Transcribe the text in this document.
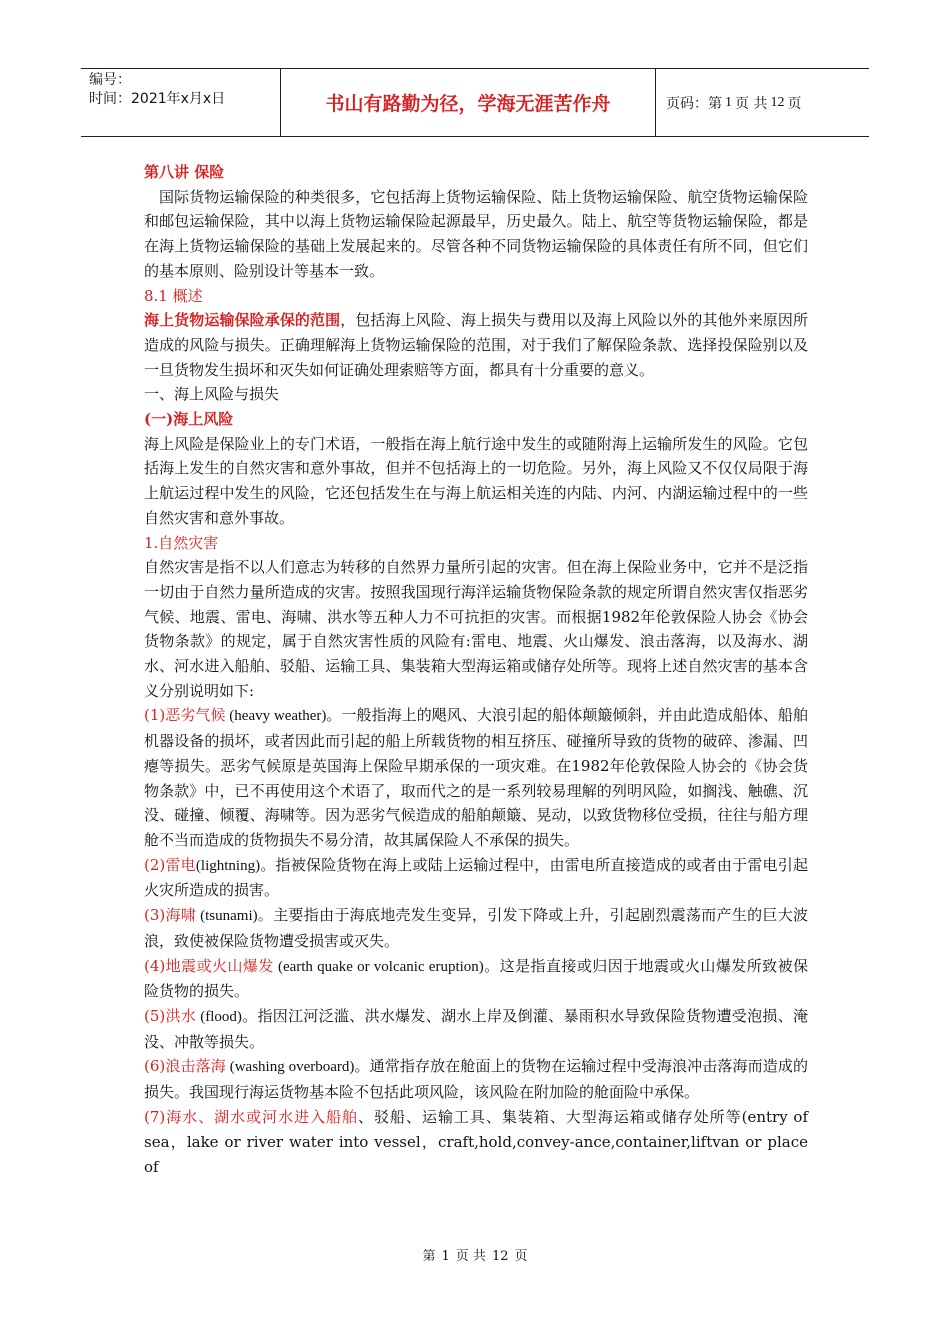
编号：
时间：2021年x月x日	书山有路勤为径，学海无涯苦作舟	页码：第 1 页 共 12 页

第八讲 保险

国际货物运输保险的种类很多，它包括海上货物运输保险、陆上货物运输保险、航空货物运输保险和邮包运输保险，其中以海上货物运输保险起源最早，历史最久。陆上、航空等货物运输保险，都是在海上货物运输保险的基础上发展起来的。尽管各种不同货物运输保险的具体责任有所不同，但它们的基本原则、险别设计等基本一致。

8.1 概述

海上货物运输保险承保的范围，包括海上风险、海上损失与费用以及海上风险以外的其他外来原因所造成的风险与损失。正确理解海上货物运输保险的范围，对于我们了解保险条款、选择投保险别以及一旦货物发生损坏和灭失如何证确处理索赔等方面，都具有十分重要的意义。

一、海上风险与损失

(一)海上风险

海上风险是保险业上的专门术语，一般指在海上航行途中发生的或随附海上运输所发生的风险。它包括海上发生的自然灾害和意外事故，但并不包括海上的一切危险。另外，海上风险又不仅仅局限于海上航运过程中发生的风险，它还包括发生在与海上航运相关连的内陆、内河、内湖运输过程中的一些自然灾害和意外事故。

1.自然灾害

自然灾害是指不以人们意志为转移的自然界力量所引起的灾害。但在海上保险业务中，它并不是泛指一切由于自然力量所造成的灾害。按照我国现行海洋运输货物保险条款的规定所谓自然灾害仅指恶劣气候、地震、雷电、海啸、洪水等五种人力不可抗拒的灾害。而根据1982年伦敦保险人协会《协会货物条款》的规定，属于自然灾害性质的风险有:雷电、地震、火山爆发、浪击落海，以及海水、湖水、河水进入船舶、驳船、运输工具、集装箱大型海运箱或储存处所等。现将上述自然灾害的基本含义分别说明如下:

(1)恶劣气候 (heavy weather)。一般指海上的飓风、大浪引起的船体颠簸倾斜，并由此造成船体、船舶机器设备的损坏，或者因此而引起的船上所载货物的相互挤压、碰撞所导致的货物的破碎、渗漏、凹瘪等损失。恶劣气候原是英国海上保险早期承保的一项灾难。在1982年伦敦保险人协会的《协会货物条款》中，已不再使用这个术语了，取而代之的是一系列较易理解的列明风险，如搁浅、触礁、沉没、碰撞、倾覆、海啸等。因为恶劣气候造成的船舶颠簸、晃动，以致货物移位受损，往往与船方理舱不当而造成的货物损失不易分清，故其属保险人不承保的损失。

(2)雷电(lightning)。指被保险货物在海上或陆上运输过程中，由雷电所直接造成的或者由于雷电引起火灾所造成的损害。

(3)海啸 (tsunami)。主要指由于海底地壳发生变异，引发下降或上升，引起剧烈震荡而产生的巨大波浪，致使被保险货物遭受损害或灭失。

(4)地震或火山爆发 (earth quake or volcanic eruption)。这是指直接或归因于地震或火山爆发所致被保险货物的损失。

(5)洪水 (flood)。指因江河泛滥、洪水爆发、湖水上岸及倒灌、暴雨积水导致保险货物遭受泡损、淹没、冲散等损失。

(6)浪击落海 (washing overboard)。通常指存放在舱面上的货物在运输过程中受海浪冲击落海而造成的损失。我国现行海运货物基本险不包括此项风险，该风险在附加险的舱面险中承保。

(7)海水、湖水或河水进入船舶、驳船、运输工具、集装箱、大型海运箱或储存处所等(entry of sea，lake or river water into vessel，craft,hold,convey-ance,container,liftvan or place of

第 1 页 共 12 页
